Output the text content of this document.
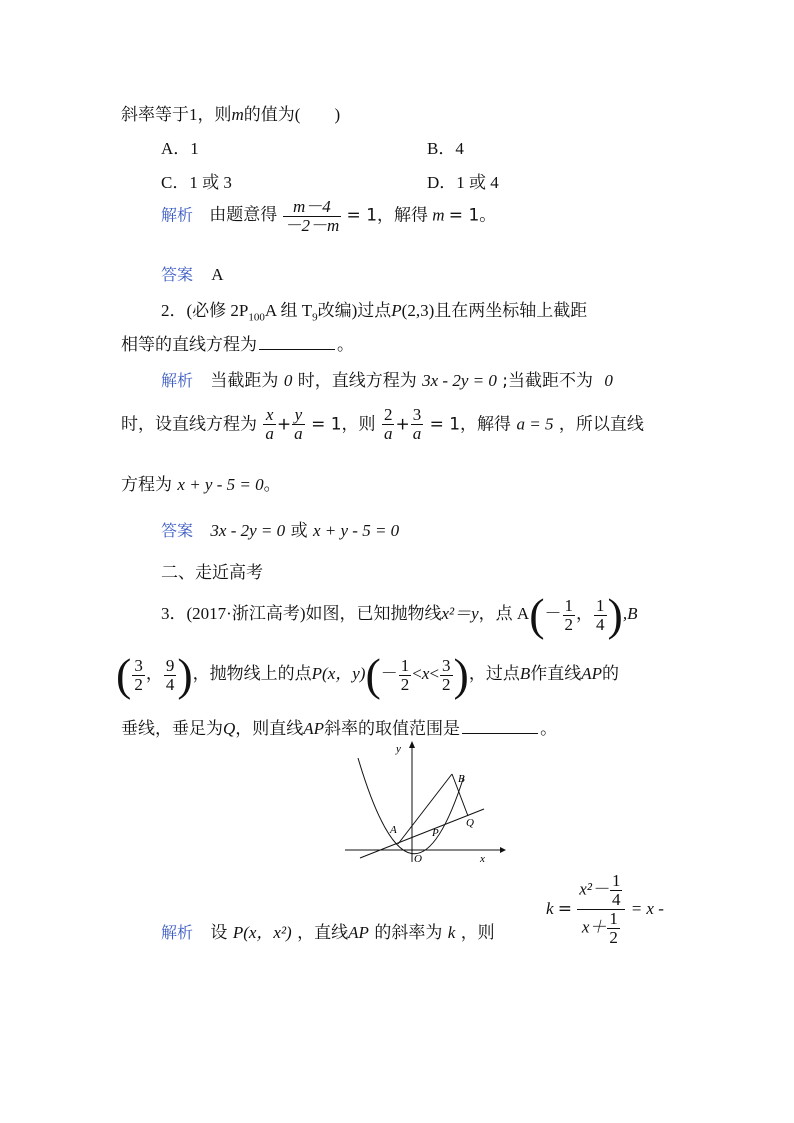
斜率等于1，则m的值为(　　)
A．1	B．4
C．1 或 3	D．1 或 4
解析 由题意得 $\frac{m-4}{-2-m} = 1$，解得 m = 1。
答案 A
2．(必修 $2P_{100}A$ 组 $T_9$改编)过点P(2,3)且在两坐标轴上截距
相等的直线方程为	。
解析 当截距为 0 时，直线方程为 3x - 2y = 0 ;当截距不为 0
时，设直线方程为 $\frac{x}{a} + \frac{y}{a} = 1$，则 $\frac{2}{a} + \frac{3}{a} = 1$，解得 a = 5 ，所以直线
方程为 x + y - 5 = 0。
答案 3x - 2y = 0 或 x + y - 5 = 0
二、走近高考
3．(2017·浙江高考)如图，已知抛物线x²＝y，点 $A(- \frac{1}{2}$ ， $\frac{1}{4} ),B$
( $\frac{3}{2}$ ， $\frac{9}{4}$ )，抛物线上的点P(x，$y)(- \frac{1}{2} <x< \frac{3}{2}$ )，过点B作直线AP的
垂线，垂足为Q，则直线AP斜率的取值范围是	。
y
x
O
A
B
P
Q
解析 设 P(x，x²) ，直线AP 的斜率为 k ，则
$k = \frac{x^2- \frac{1}{4}}{x+ \frac{1}{2}} = x$ -
